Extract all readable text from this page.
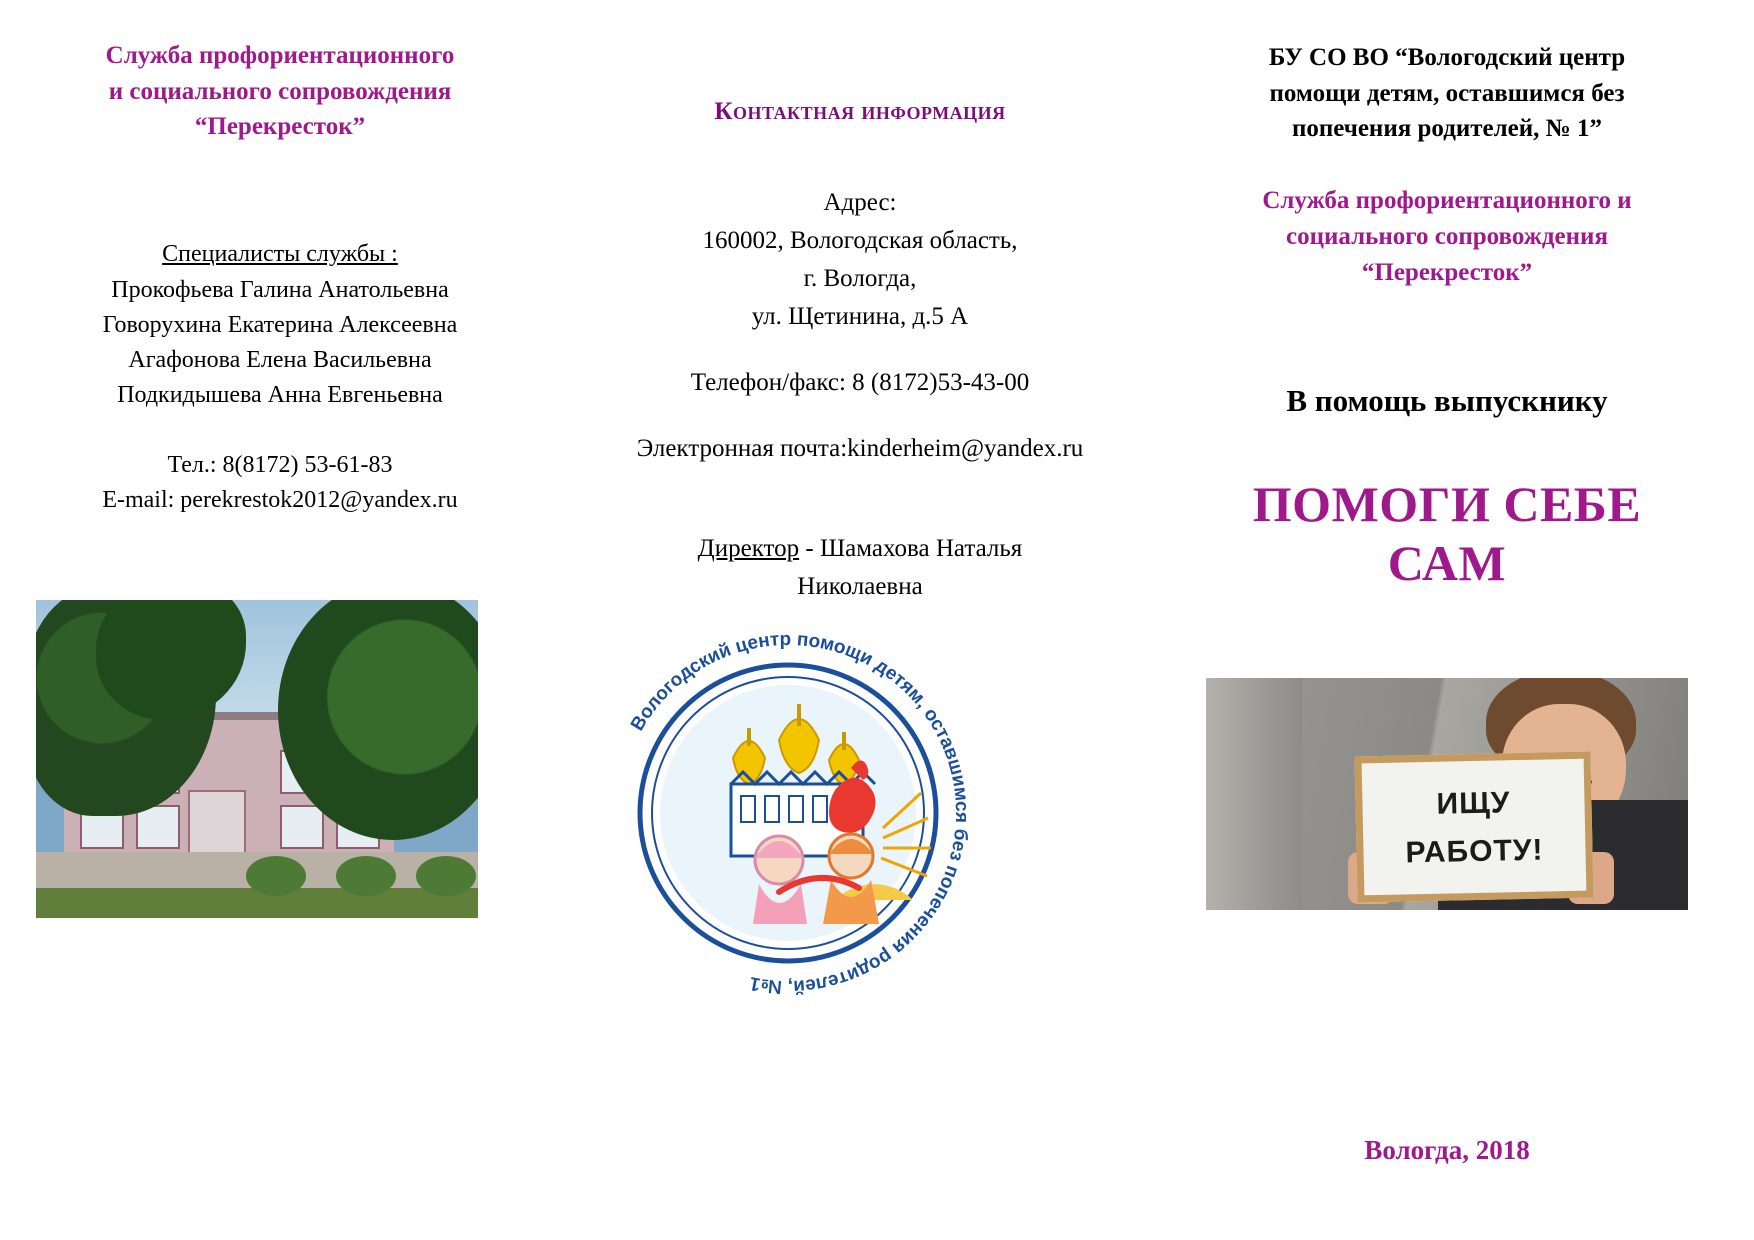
Служба профориентационного
и социального сопровождения
“Перекресток”
Специалисты службы :
Прокофьева Галина Анатольевна
Говорухина Екатерина Алексеевна
Агафонова Елена Васильевна
Подкидышева Анна Евгеньевна
Тел.: 8(8172) 53-61-83
E-mail: perekrestok2012@yandex.ru
Контактная информация
Адрес:
160002, Вологодская область,
г. Вологда,
ул. Щетинина, д.5 А
Телефон/факс: 8 (8172)53-43-00
Электронная почта:kinderheim@yandex.ru
Директор - Шамахова Наталья
Николаевна
БУ СО ВО “Вологодский центр
помощи детям, оставшимся без
попечения родителей, № 1”
Служба профориентационного и
социального сопровождения
“Перекресток”
В помощь выпускнику
ПОМОГИ СЕБЕ
САМ
Вологодский центр помощи детям, оставшимся без попечения родителей, №1
ИЩУ
РАБОТУ!
Вологда, 2018
